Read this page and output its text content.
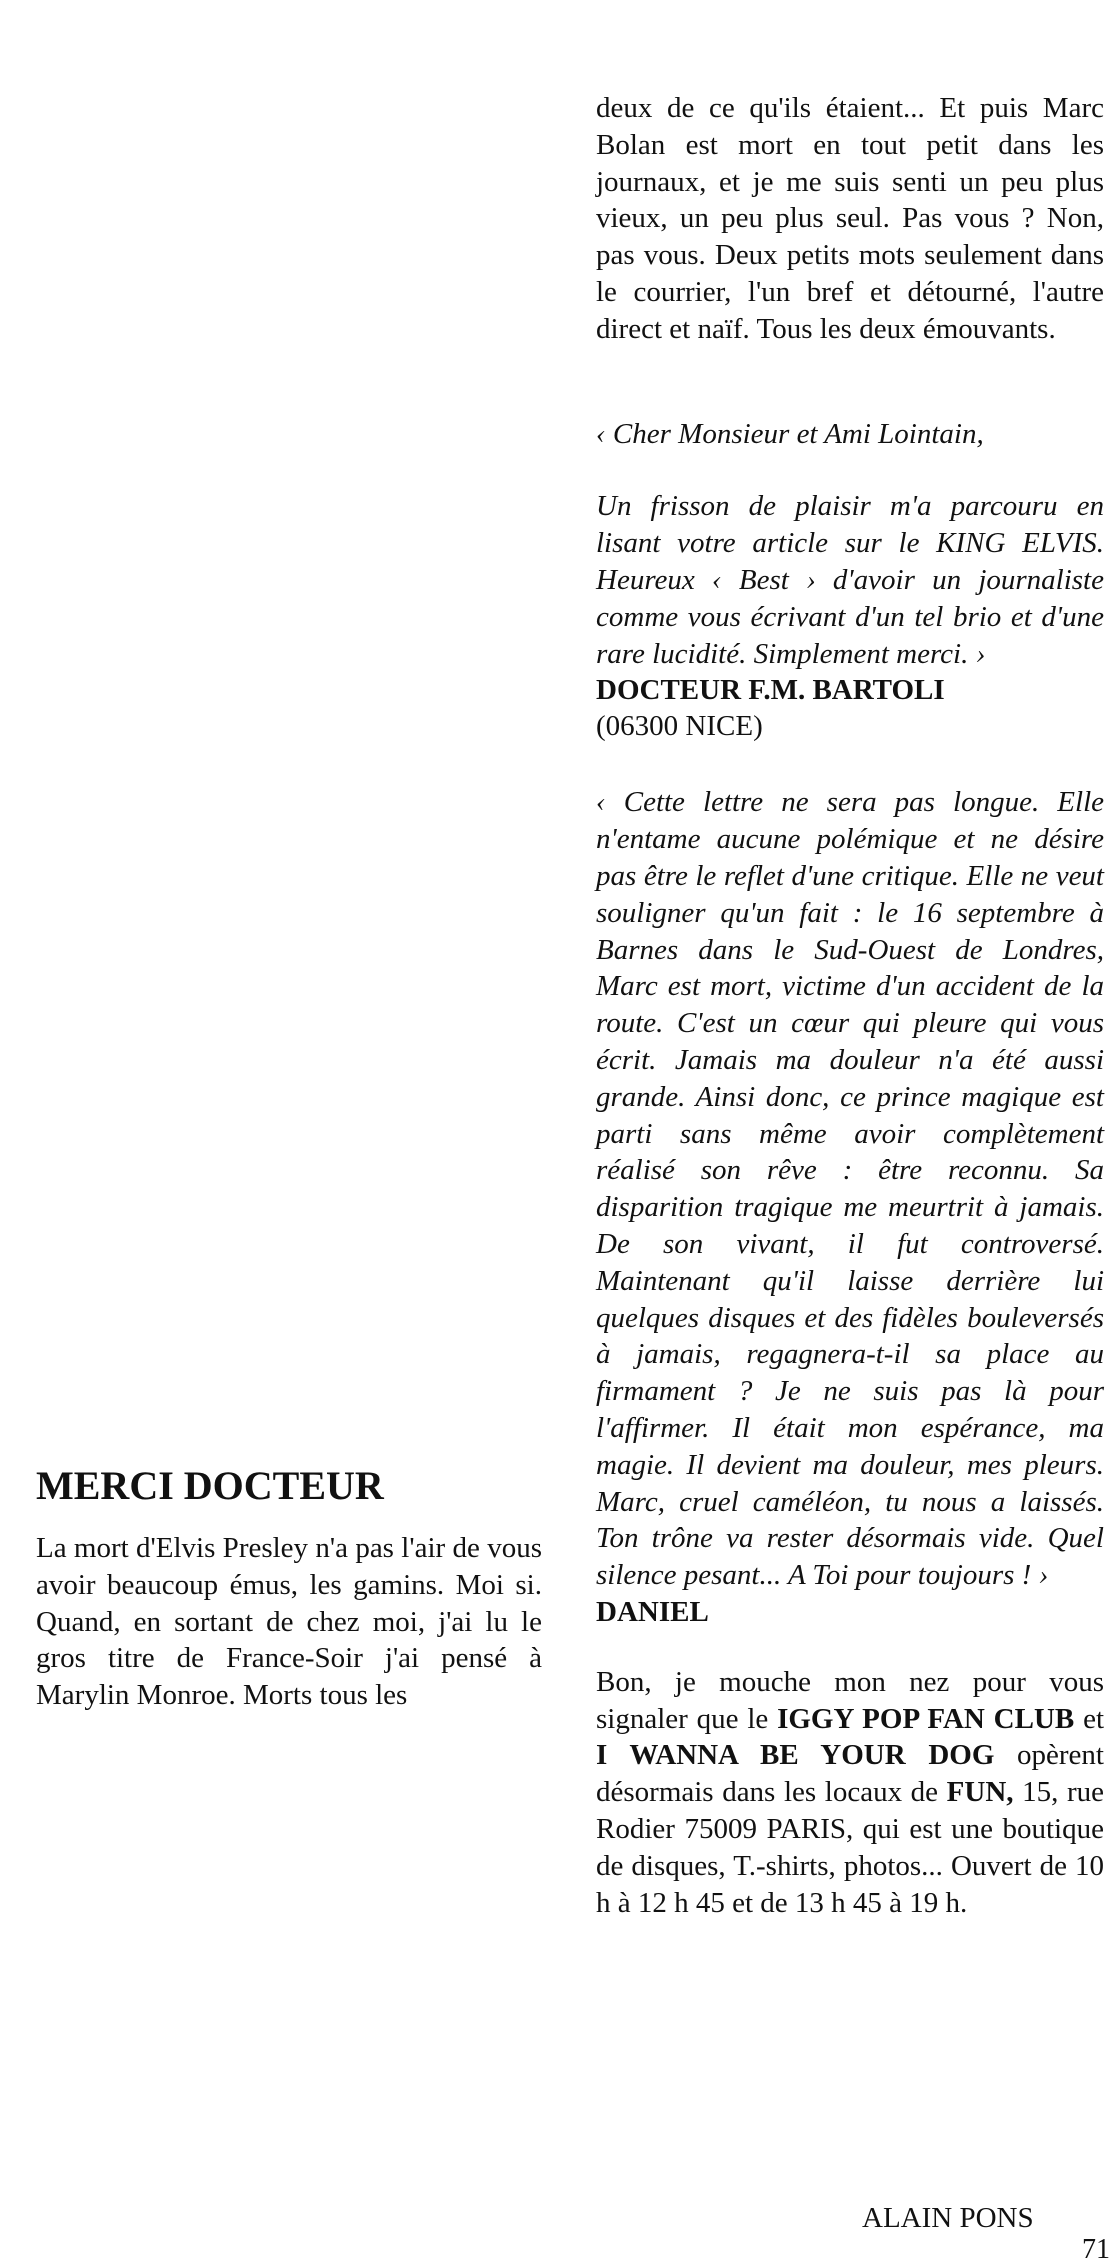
deux de ce qu'ils étaient... Et puis Marc Bolan est mort en tout petit dans les journaux, et je me suis senti un peu plus vieux, un peu plus seul. Pas vous ? Non, pas vous. Deux petits mots seulement dans le courrier, l'un bref et détourné, l'autre direct et naïf. Tous les deux émouvants.

‹ Cher Monsieur et Ami Lointain,

Un frisson de plaisir m'a parcouru en lisant votre article sur le KING ELVIS. Heureux ‹ Best › d'avoir un journaliste comme vous écrivant d'un tel brio et d'une rare lucidité. Simplement merci. ›

DOCTEUR F.M. BARTOLI

(06300 NICE)

‹ Cette lettre ne sera pas longue. Elle n'entame aucune polémique et ne désire pas être le reflet d'une critique. Elle ne veut souligner qu'un fait : le 16 septembre à Barnes dans le Sud-Ouest de Londres, Marc est mort, victime d'un accident de la route. C'est un cœur qui pleure qui vous écrit. Jamais ma douleur n'a été aussi grande. Ainsi donc, ce prince magique est parti sans même avoir complètement réalisé son rêve : être reconnu. Sa disparition tragique me meurtrit à jamais. De son vivant, il fut controversé. Maintenant qu'il laisse derrière lui quelques disques et des fidèles bouleversés à jamais, regagnera-t-il sa place au firmament ? Je ne suis pas là pour l'affirmer. Il était mon espérance, ma magie. Il devient ma douleur, mes pleurs. Marc, cruel caméléon, tu nous a laissés. Ton trône va rester désormais vide. Quel silence pesant... A Toi pour toujours ! ›

DANIEL

Bon, je mouche mon nez pour vous signaler que le IGGY POP FAN CLUB et I WANNA BE YOUR DOG opèrent désormais dans les locaux de FUN, 15, rue Rodier 75009 PARIS, qui est une boutique de disques, T.-shirts, photos... Ouvert de 10 h à 12 h 45 et de 13 h 45 à 19 h.

MERCI DOCTEUR

La mort d'Elvis Presley n'a pas l'air de vous avoir beaucoup émus, les gamins. Moi si. Quand, en sortant de chez moi, j'ai lu le gros titre de France-Soir j'ai pensé à Marylin Monroe. Morts tous les

ALAIN PONS

71
